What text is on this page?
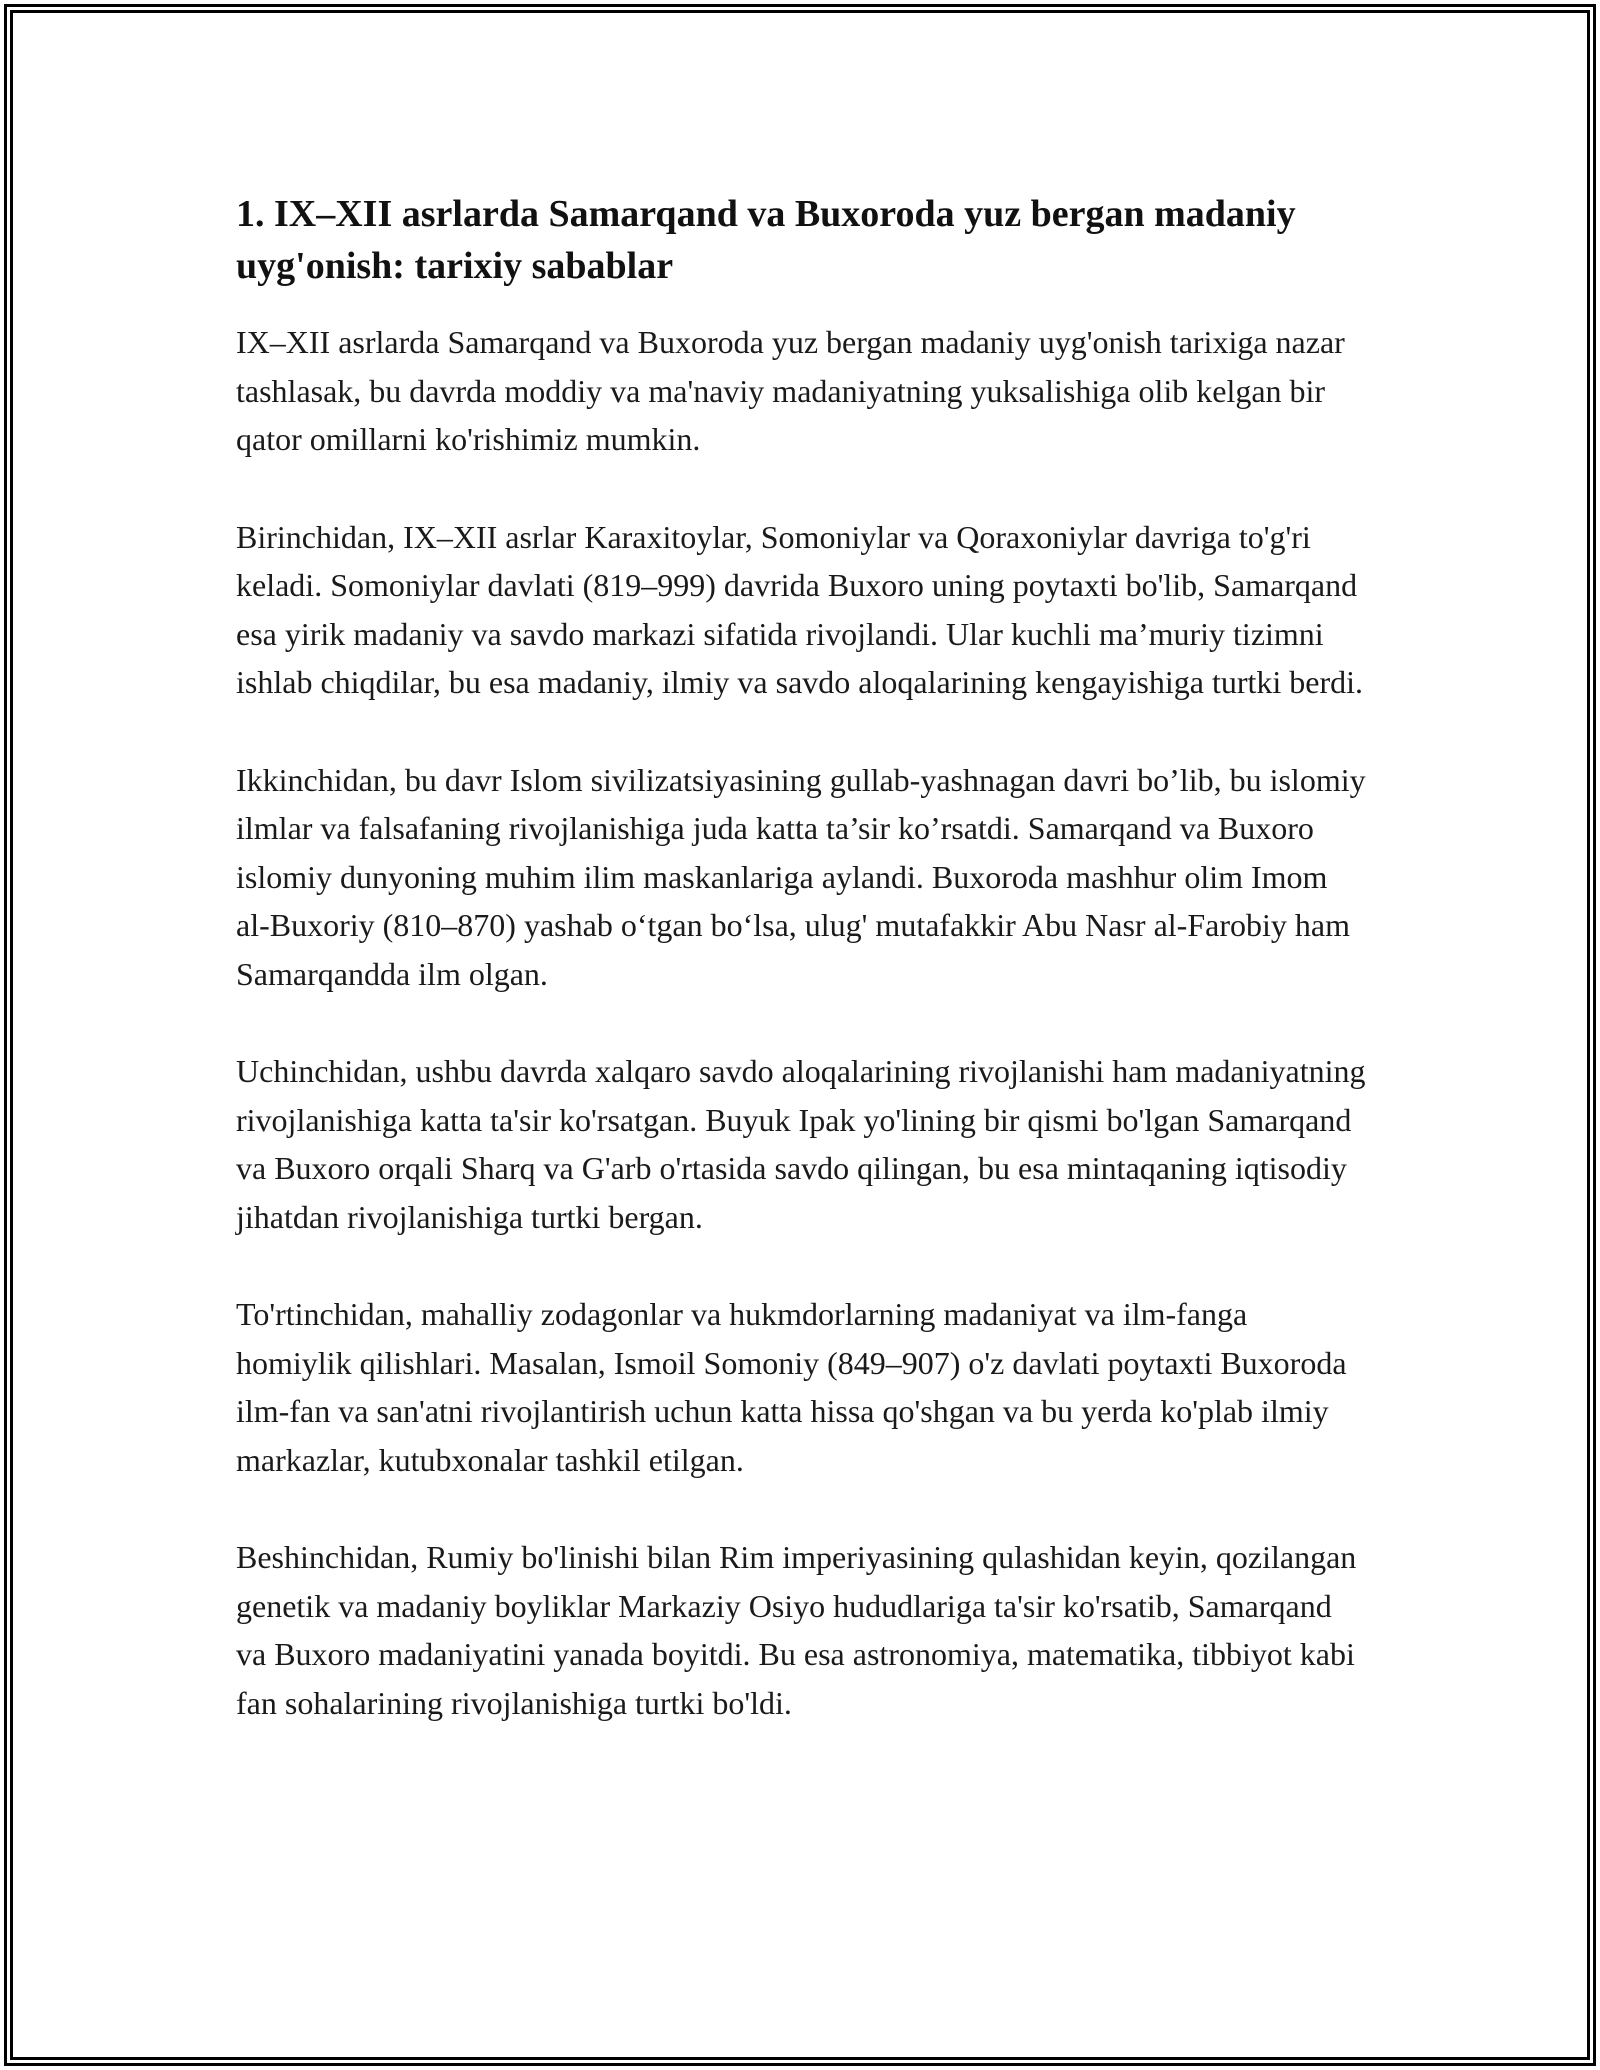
1. IX–XII asrlarda Samarqand va Buxoroda yuz bergan madaniy uyg'onish: tarixiy sabablar

IX–XII asrlarda Samarqand va Buxoroda yuz bergan madaniy uyg'onish tarixiga nazar tashlasak, bu davrda moddiy va ma'naviy madaniyatning yuksalishiga olib kelgan bir qator omillarni ko'rishimiz mumkin.

Birinchidan, IX–XII asrlar Karaxitoylar, Somoniylar va Qoraxoniylar davriga to'g'ri keladi. Somoniylar davlati (819–999) davrida Buxoro uning poytaxti bo'lib, Samarqand esa yirik madaniy va savdo markazi sifatida rivojlandi. Ular kuchli ma’muriy tizimni ishlab chiqdilar, bu esa madaniy, ilmiy va savdo aloqalarining kengayishiga turtki berdi.

Ikkinchidan, bu davr Islom sivilizatsiyasining gullab-yashnagan davri bo’lib, bu islomiy ilmlar va falsafaning rivojlanishiga juda katta ta’sir ko’rsatdi. Samarqand va Buxoro islomiy dunyoning muhim ilim maskanlariga aylandi. Buxoroda mashhur olim Imom al-Buxoriy (810–870) yashab o‘tgan bo‘lsa, ulug' mutafakkir Abu Nasr al-Farobiy ham Samarqandda ilm olgan.

Uchinchidan, ushbu davrda xalqaro savdo aloqalarining rivojlanishi ham madaniyatning rivojlanishiga katta ta'sir ko'rsatgan. Buyuk Ipak yo'lining bir qismi bo'lgan Samarqand va Buxoro orqali Sharq va G'arb o'rtasida savdo qilingan, bu esa mintaqaning iqtisodiy jihatdan rivojlanishiga turtki bergan.

To'rtinchidan, mahalliy zodagonlar va hukmdorlarning madaniyat va ilm-fanga homiylik qilishlari. Masalan, Ismoil Somoniy (849–907) o'z davlati poytaxti Buxoroda ilm-fan va san'atni rivojlantirish uchun katta hissa qo'shgan va bu yerda ko'plab ilmiy markazlar, kutubxonalar tashkil etilgan.

Beshinchidan, Rumiy bo'linishi bilan Rim imperiyasining qulashidan keyin, qozilangan genetik va madaniy boyliklar Markaziy Osiyo hududlariga ta'sir ko'rsatib, Samarqand va Buxoro madaniyatini yanada boyitdi. Bu esa astronomiya, matematika, tibbiyot kabi fan sohalarining rivojlanishiga turtki bo'ldi.
